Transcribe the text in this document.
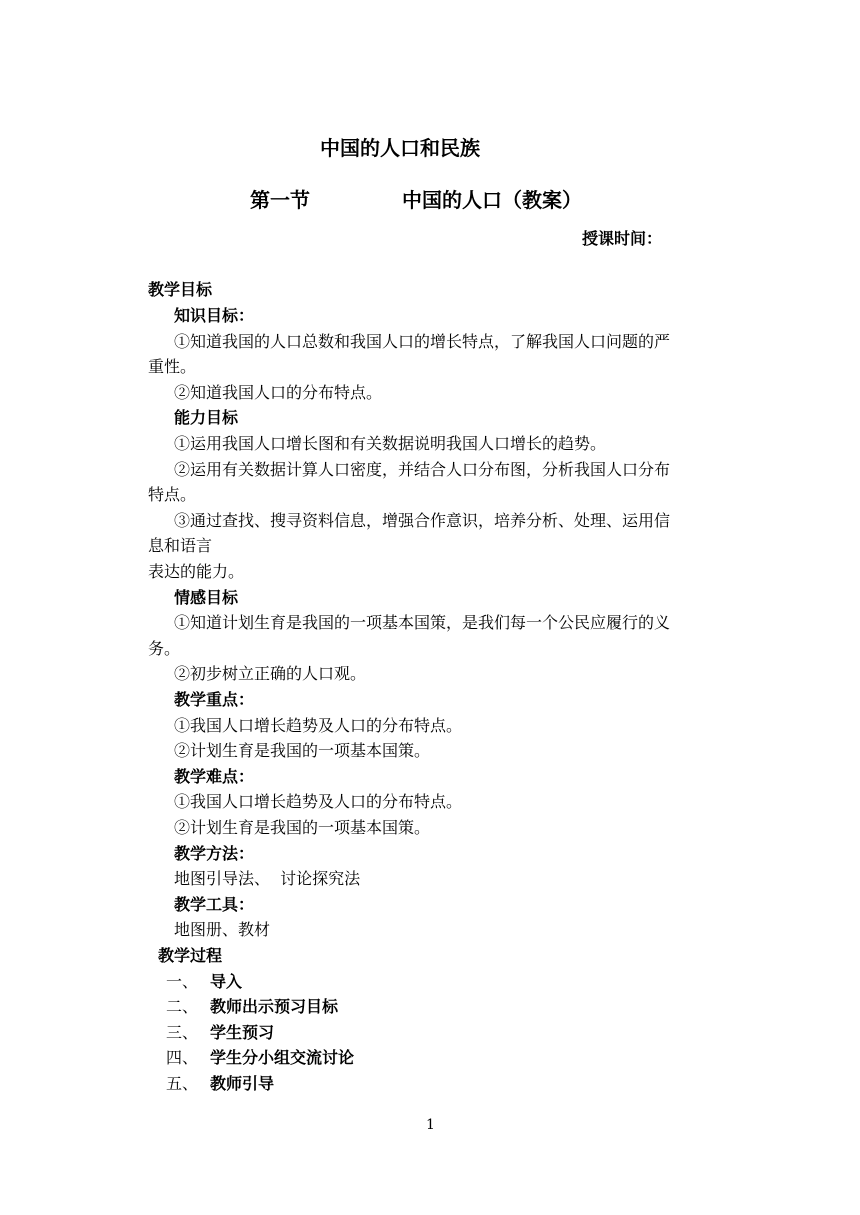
中国的人口和民族
第一节	中国的人口（教案）
授课时间：
教学目标
知识目标：
①知道我国的人口总数和我国人口的增长特点，了解我国人口问题的严
重性。
②知道我国人口的分布特点。
能力目标
①运用我国人口增长图和有关数据说明我国人口增长的趋势。
②运用有关数据计算人口密度，并结合人口分布图，分析我国人口分布
特点。
③通过查找、搜寻资料信息，增强合作意识，培养分析、处理、运用信
息和语言
表达的能力。
情感目标
①知道计划生育是我国的一项基本国策，是我们每一个公民应履行的义
务。
②初步树立正确的人口观。
教学重点：
①我国人口增长趋势及人口的分布特点。
②计划生育是我国的一项基本国策。
教学难点：
①我国人口增长趋势及人口的分布特点。
②计划生育是我国的一项基本国策。
教学方法：
地图引导法、  讨论探究法
教学工具：
地图册、教材
教学过程
一、 导入
二、 教师出示预习目标
三、 学生预习
四、 学生分小组交流讨论
五、 教师引导
1
